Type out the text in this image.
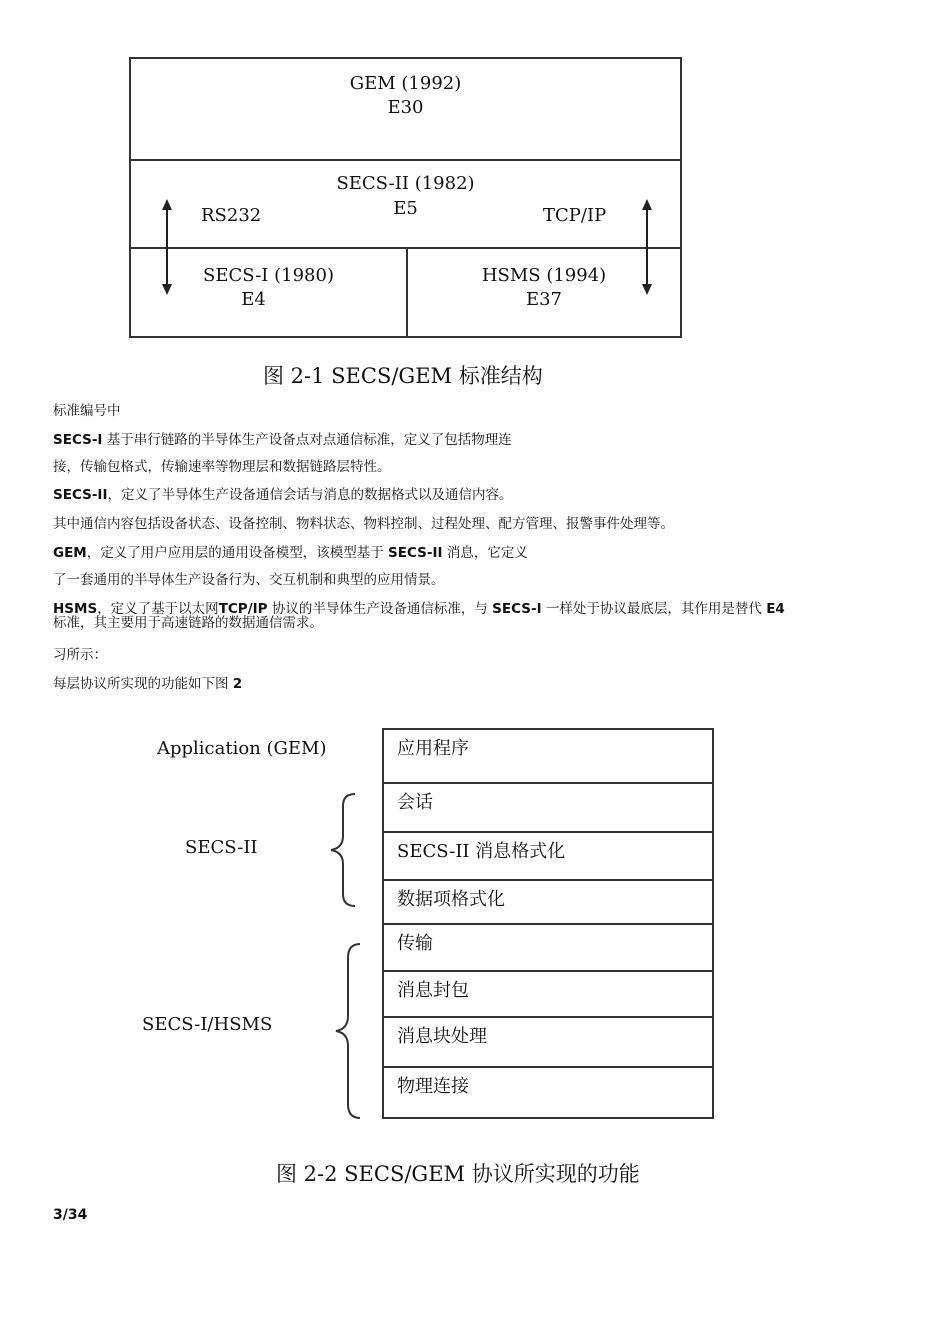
GEM (1992)
E30
SECS-II (1982)
E5
RS232	TCP/IP
SECS-I (1980)
E4
HSMS (1994)
E37
图 2-1 SECS/GEM 标准结构
标准编号中
SECS-I 基于串行链路的半导体生产设备点对点通信标准，定义了包括物理连
接，传输包格式，传输速率等物理层和数据链路层特性。
SECS-II，定义了半导体生产设备通信会话与消息的数据格式以及通信内容。
其中通信内容包括设备状态、设备控制、物料状态、物料控制、过程处理、配方管理、报警事件处理等。
GEM，定义了用户应用层的通用设备模型，该模型基于 SECS-II 消息，它定义
了一套通用的半导体生产设备行为、交互机制和典型的应用情景。
HSMS，定义了基于以太网TCP/IP 协议的半导体生产设备通信标准，与 SECS-I 一样处于协议最底层，其作用是替代 E4
标准，其主要用于高速链路的数据通信需求。
习所示：
每层协议所实现的功能如下图 2
Application (GEM)
SECS-II
SECS-I/HSMS
应用程序
会话
SECS-II 消息格式化
数据项格式化
传输
消息封包
消息块处理
物理连接
图 2-2 SECS/GEM 协议所实现的功能
3/34
